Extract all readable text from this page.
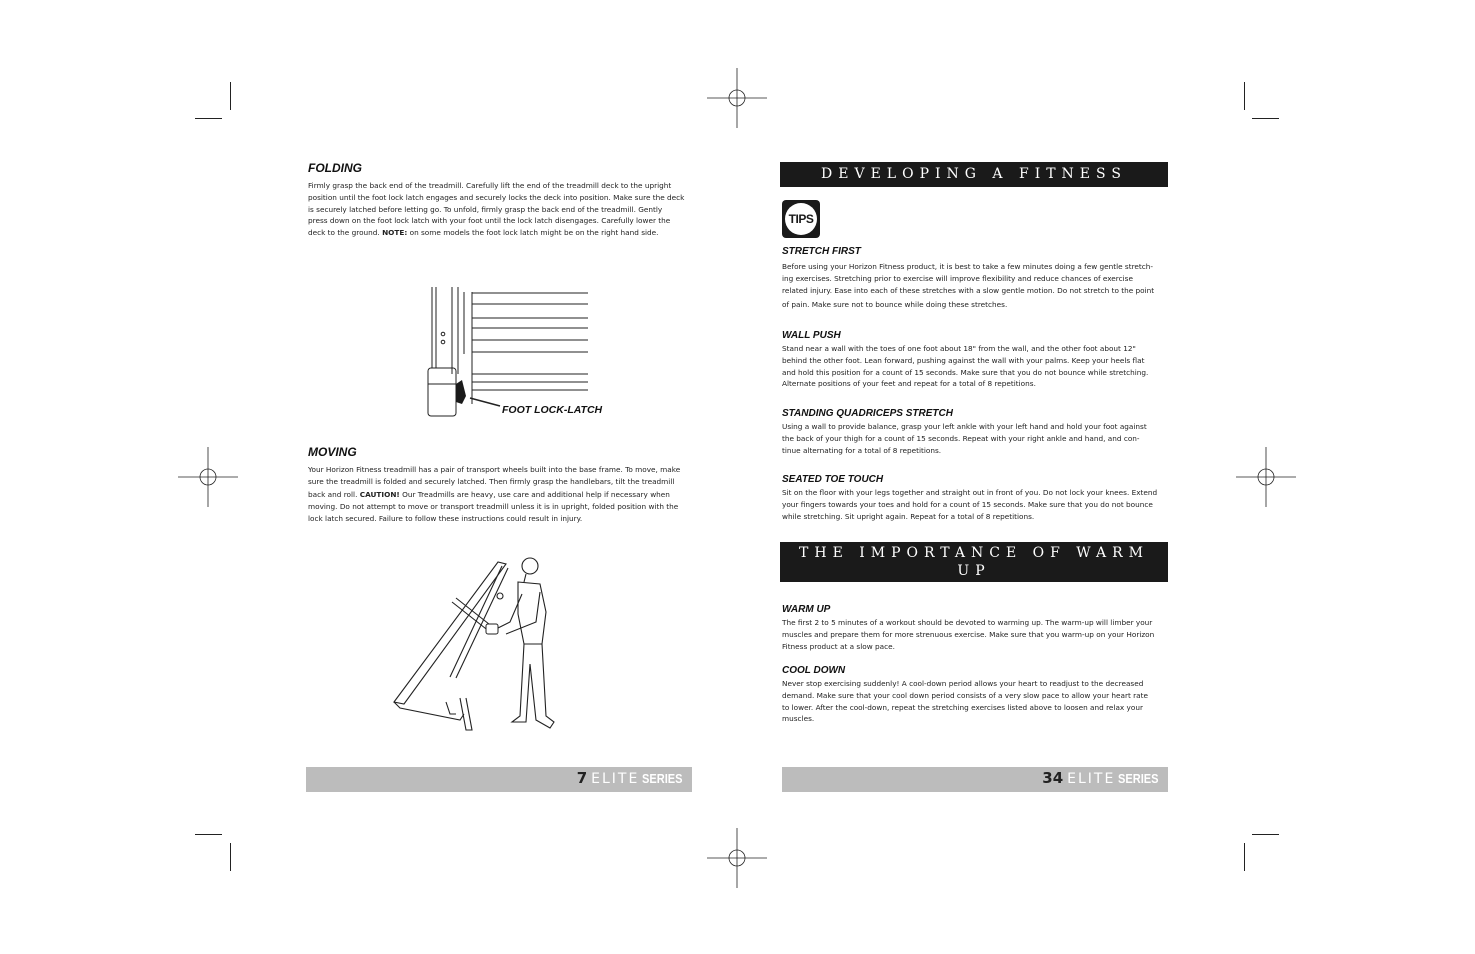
FOLDING

Firmly grasp the back end of the treadmill. Carefully lift the end of the treadmill deck to the upright

position until the foot lock latch engages and securely locks the deck into position. Make sure the deck

is securely latched before letting go. To unfold, firmly grasp the back end of the treadmill. Gently

press down on the foot lock latch with your foot until the lock latch disengages. Carefully lower the

deck to the ground. NOTE: on some models the foot lock latch might be on the right hand side.

FOOT LOCK-LATCH
MOVING

Your Horizon Fitness treadmill has a pair of transport wheels built into the base frame. To move, make

sure the treadmill is folded and securely latched. Then firmly grasp the handlebars, tilt the treadmill

back and roll. CAUTION! Our Treadmills are heavy, use care and additional help if necessary when

moving. Do not attempt to move or transport treadmill unless it is in upright, folded position with the

lock latch secured. Failure to follow these instructions could result in injury.

7 ELITE SERIES
DEVELOPING A FITNESS PROGRAM
TIPS
STRETCH FIRST

Before using your Horizon Fitness product, it is best to take a few minutes doing a few gentle stretch-

ing exercises. Stretching prior to exercise will improve flexibility and reduce chances of exercise

related injury. Ease into each of these stretches with a slow gentle motion. Do not stretch to the point

of pain. Make sure not to bounce while doing these stretches.

WALL PUSH

Stand near a wall with the toes of one foot about 18" from the wall, and the other foot about 12"

behind the other foot. Lean forward, pushing against the wall with your palms. Keep your heels flat

and hold this position for a count of 15 seconds. Make sure that you do not bounce while stretching.

Alternate positions of your feet and repeat for a total of 8 repetitions.

STANDING QUADRICEPS STRETCH

Using a wall to provide balance, grasp your left ankle with your left hand and hold your foot against

the back of your thigh for a count of 15 seconds. Repeat with your right ankle and hand, and con-

tinue alternating for a total of 8 repetitions.

SEATED TOE TOUCH

Sit on the floor with your legs together and straight out in front of you. Do not lock your knees. Extend

your fingers towards your toes and hold for a count of 15 seconds. Make sure that you do not bounce

while stretching. Sit upright again. Repeat for a total of 8 repetitions.

THE IMPORTANCE OF WARM UP
AND COOL DOWN
WARM UP

The first 2 to 5 minutes of a workout should be devoted to warming up. The warm-up will limber your

muscles and prepare them for more strenuous exercise. Make sure that you warm-up on your Horizon

Fitness product at a slow pace.

COOL DOWN

Never stop exercising suddenly! A cool-down period allows your heart to readjust to the decreased

demand. Make sure that your cool down period consists of a very slow pace to allow your heart rate

to lower. After the cool-down, repeat the stretching exercises listed above to loosen and relax your

muscles.

34 ELITE SERIES
